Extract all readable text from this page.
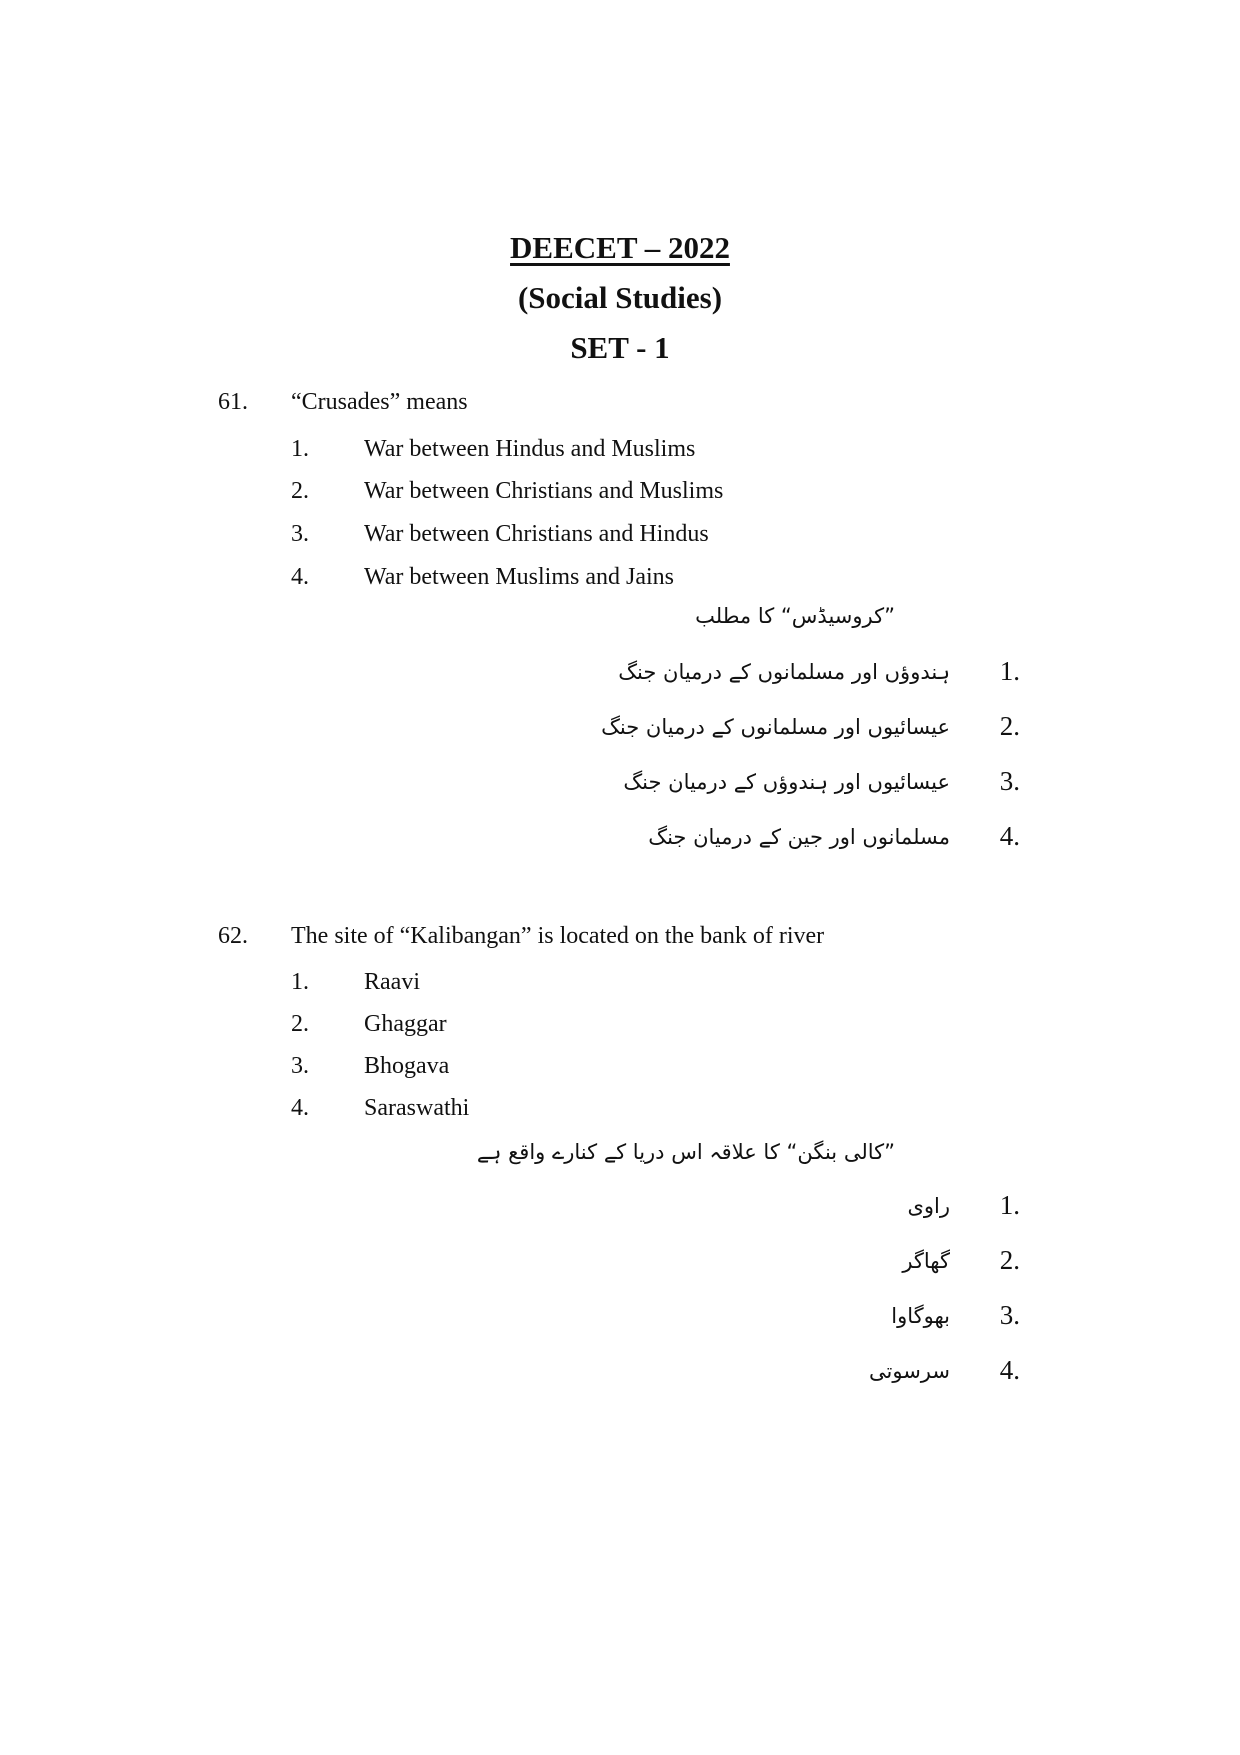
DEECET – 2022
(Social Studies)
SET - 1
61. “Crusades” means
1. War between Hindus and Muslims
2. War between Christians and Muslims
3. War between Christians and Hindus
4. War between Muslims and Jains
”کروسیڈس“ کا مطلب
1.
ہندوؤں اور مسلمانوں کے درمیان جنگ
2.
عیسائیوں اور مسلمانوں کے درمیان جنگ
3.
عیسائیوں اور ہندوؤں کے درمیان جنگ
4.
مسلمانوں اور جین کے درمیان جنگ
62. The site of “Kalibangan” is located on the bank of river
1. Raavi
2. Ghaggar
3. Bhogava
4. Saraswathi
”کالی بنگن“ کا علاقہ اس دریا کے کنارے واقع ہے
1.
راوی
2.
گھاگر
3.
بھوگاوا
4.
سرسوتی
